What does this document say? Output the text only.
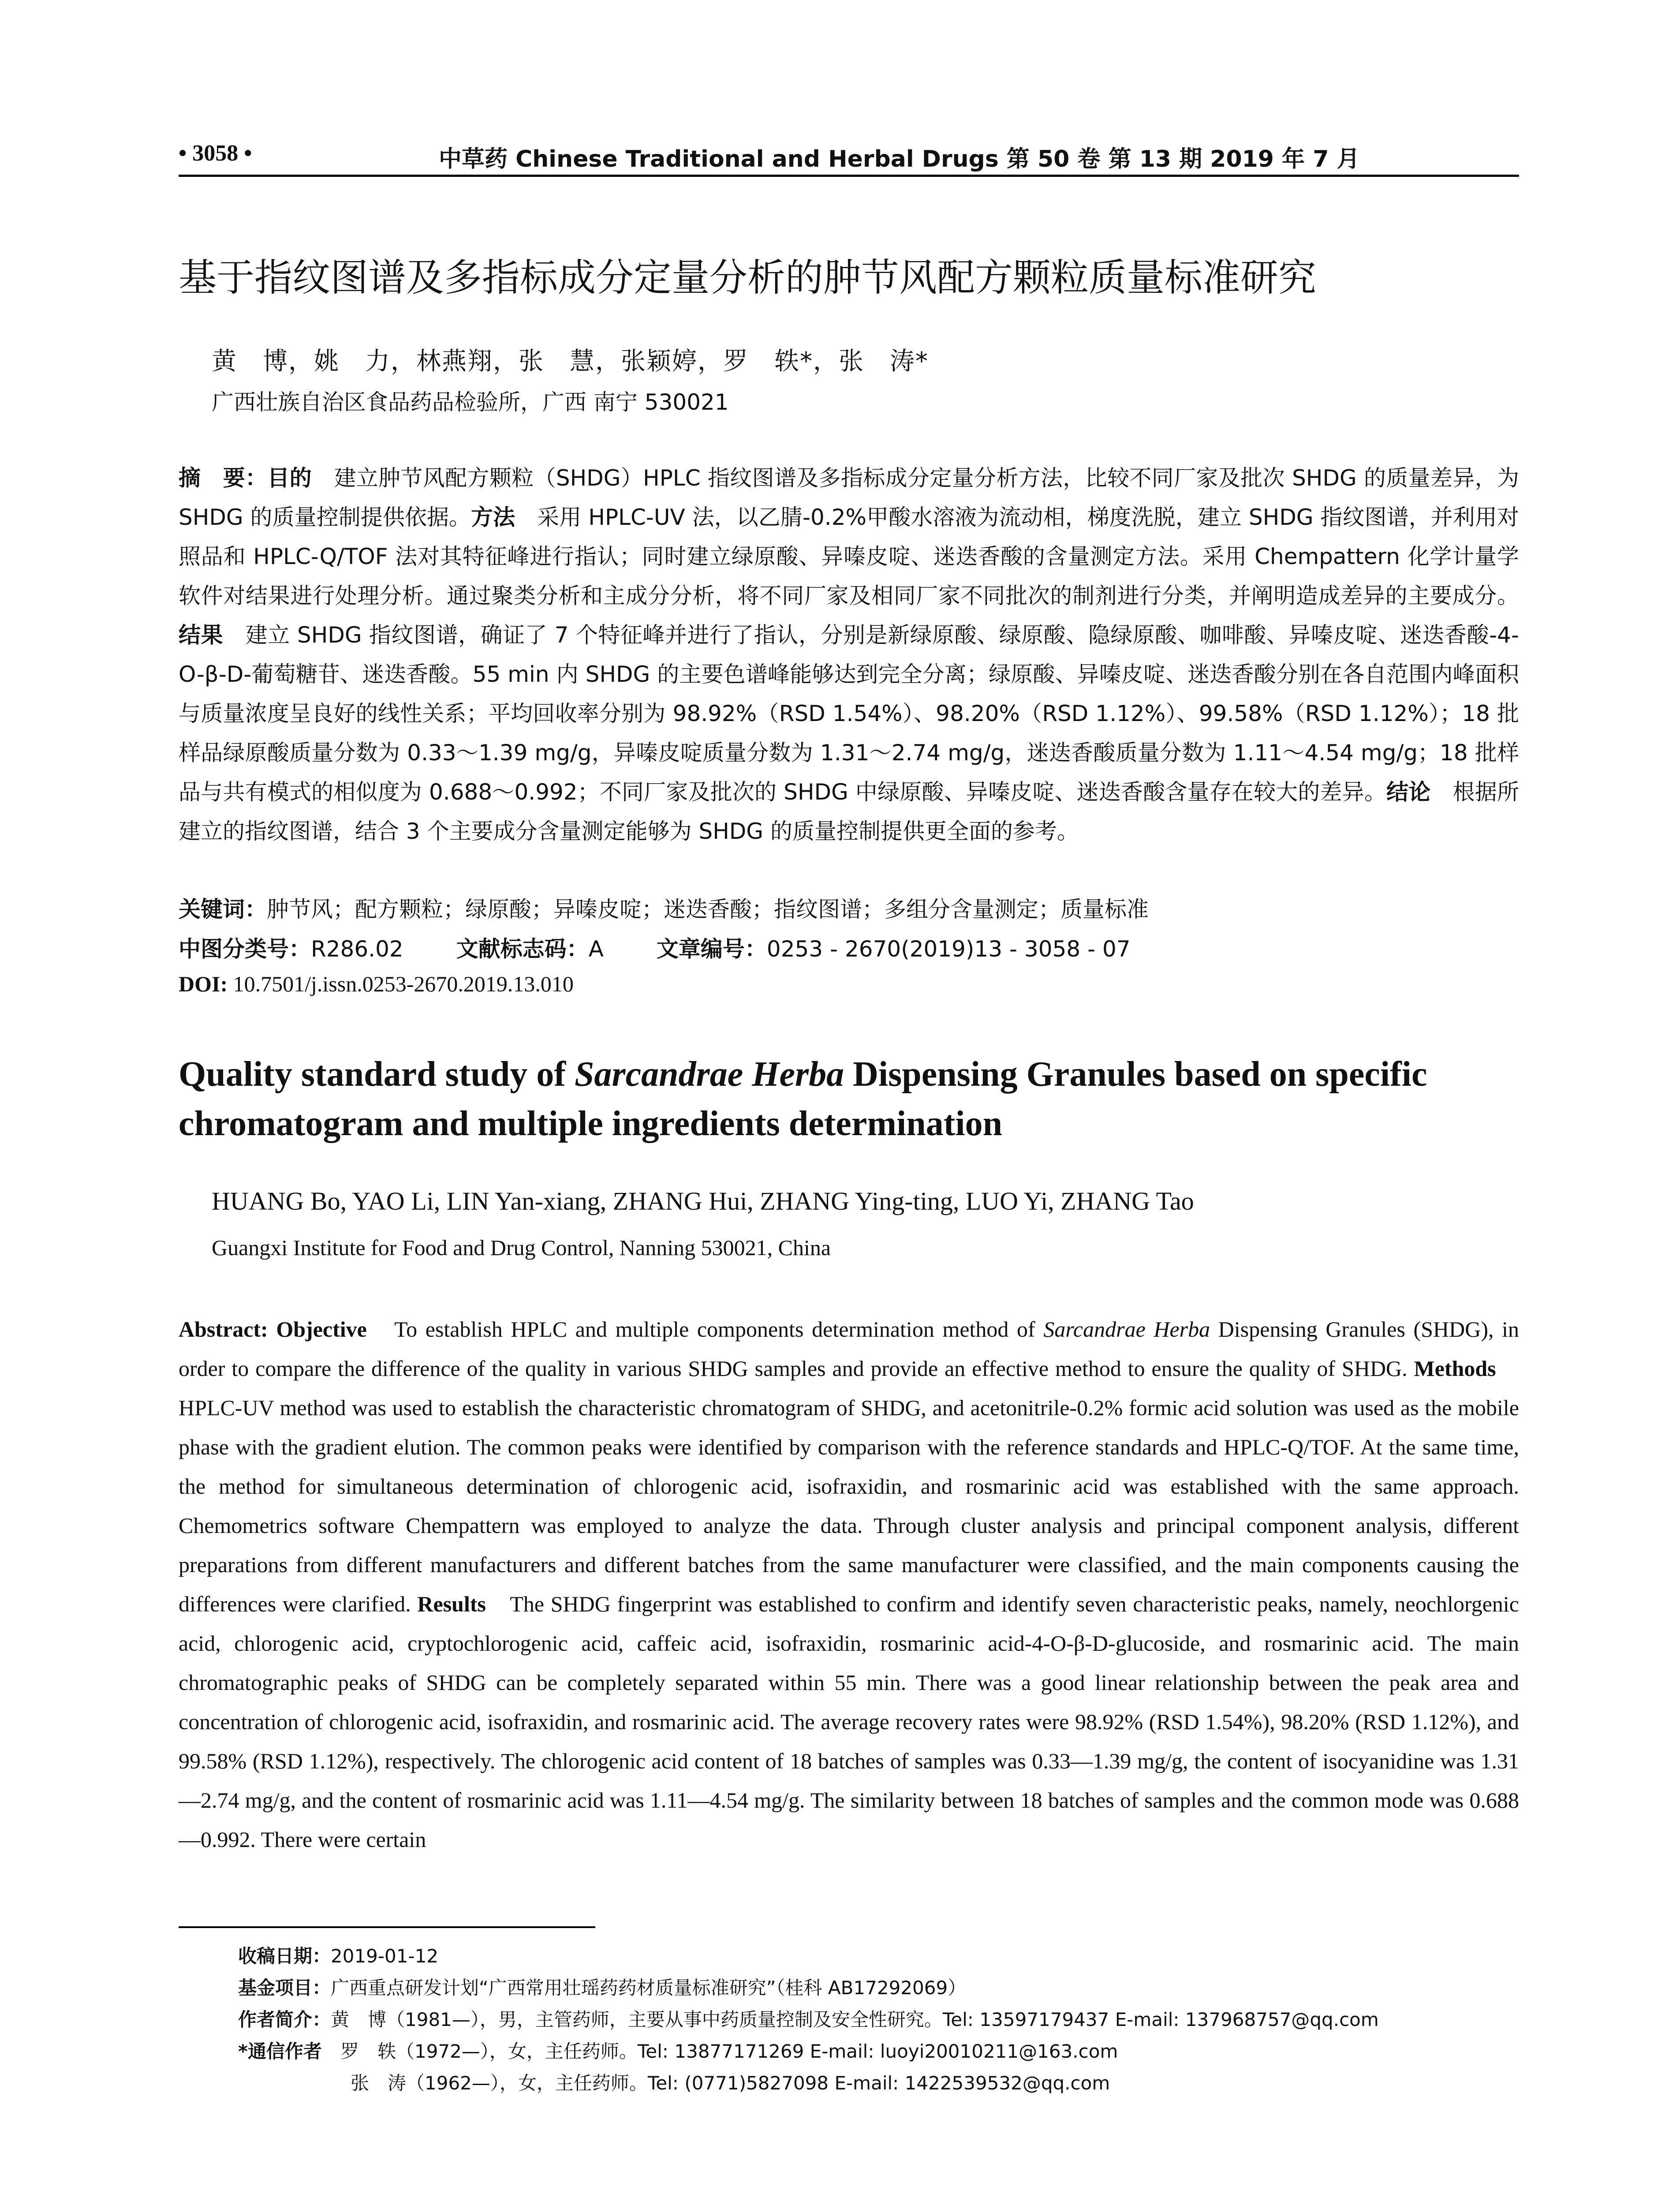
• 3058 •	中草药 Chinese Traditional and Herbal Drugs 第 50 卷 第 13 期 2019 年 7 月
基于指纹图谱及多指标成分定量分析的肿节风配方颗粒质量标准研究
黄　博，姚　力，林燕翔，张　慧，张颖婷，罗　轶*，张　涛*
广西壮族自治区食品药品检验所，广西 南宁 530021
摘　要：目的　建立肿节风配方颗粒（SHDG）HPLC 指纹图谱及多指标成分定量分析方法，比较不同厂家及批次 SHDG 的质量差异，为 SHDG 的质量控制提供依据。方法　采用 HPLC-UV 法，以乙腈-0.2%甲酸水溶液为流动相，梯度洗脱，建立 SHDG 指纹图谱，并利用对照品和 HPLC-Q/TOF 法对其特征峰进行指认；同时建立绿原酸、异嗪皮啶、迷迭香酸的含量测定方法。采用 Chempattern 化学计量学软件对结果进行处理分析。通过聚类分析和主成分分析，将不同厂家及相同厂家不同批次的制剂进行分类，并阐明造成差异的主要成分。结果　建立 SHDG 指纹图谱，确证了 7 个特征峰并进行了指认，分别是新绿原酸、绿原酸、隐绿原酸、咖啡酸、异嗪皮啶、迷迭香酸-4-O-β-D-葡萄糖苷、迷迭香酸。55 min 内 SHDG 的主要色谱峰能够达到完全分离；绿原酸、异嗪皮啶、迷迭香酸分别在各自范围内峰面积与质量浓度呈良好的线性关系；平均回收率分别为 98.92%（RSD 1.54%）、98.20%（RSD 1.12%）、99.58%（RSD 1.12%）；18 批样品绿原酸质量分数为 0.33～1.39 mg/g，异嗪皮啶质量分数为 1.31～2.74 mg/g，迷迭香酸质量分数为 1.11～4.54 mg/g；18 批样品与共有模式的相似度为 0.688～0.992；不同厂家及批次的 SHDG 中绿原酸、异嗪皮啶、迷迭香酸含量存在较大的差异。结论　根据所建立的指纹图谱，结合 3 个主要成分含量测定能够为 SHDG 的质量控制提供更全面的参考。
关键词：肿节风；配方颗粒；绿原酸；异嗪皮啶；迷迭香酸；指纹图谱；多组分含量测定；质量标准
中图分类号：R286.02 文献标志码：A 文章编号：0253 - 2670(2019)13 - 3058 - 07
DOI: 10.7501/j.issn.0253-2670.2019.13.010
Quality standard study of Sarcandrae Herba Dispensing Granules based on specific chromatogram and multiple ingredients determination
HUANG Bo, YAO Li, LIN Yan-xiang, ZHANG Hui, ZHANG Ying-ting, LUO Yi, ZHANG Tao
Guangxi Institute for Food and Drug Control, Nanning 530021, China
Abstract: Objective　To establish HPLC and multiple components determination method of Sarcandrae Herba Dispensing Granules (SHDG), in order to compare the difference of the quality in various SHDG samples and provide an effective method to ensure the quality of SHDG. Methods　HPLC-UV method was used to establish the characteristic chromatogram of SHDG, and acetonitrile-0.2% formic acid solution was used as the mobile phase with the gradient elution. The common peaks were identified by comparison with the reference standards and HPLC-Q/TOF. At the same time, the method for simultaneous determination of chlorogenic acid, isofraxidin, and rosmarinic acid was established with the same approach. Chemometrics software Chempattern was employed to analyze the data. Through cluster analysis and principal component analysis, different preparations from different manufacturers and different batches from the same manufacturer were classified, and the main components causing the differences were clarified. Results　The SHDG fingerprint was established to confirm and identify seven characteristic peaks, namely, neochlorgenic acid, chlorogenic acid, cryptochlorogenic acid, caffeic acid, isofraxidin, rosmarinic acid-4-O-β-D-glucoside, and rosmarinic acid. The main chromatographic peaks of SHDG can be completely separated within 55 min. There was a good linear relationship between the peak area and concentration of chlorogenic acid, isofraxidin, and rosmarinic acid. The average recovery rates were 98.92% (RSD 1.54%), 98.20% (RSD 1.12%), and 99.58% (RSD 1.12%), respectively. The chlorogenic acid content of 18 batches of samples was 0.33—1.39 mg/g, the content of isocyanidine was 1.31—2.74 mg/g, and the content of rosmarinic acid was 1.11—4.54 mg/g. The similarity between 18 batches of samples and the common mode was 0.688—0.992. There were certain
收稿日期：2019-01-12
基金项目：广西重点研发计划“广西常用壮瑶药药材质量标准研究”（桂科 AB17292069）
作者简介：黄　博（1981—），男，主管药师，主要从事中药质量控制及安全性研究。Tel: 13597179437 E-mail: 137968757@qq.com
*通信作者　罗　轶（1972—），女，主任药师。Tel: 13877171269 E-mail: luoyi20010211@163.com
张　涛（1962—），女，主任药师。Tel: (0771)5827098 E-mail: 1422539532@qq.com
